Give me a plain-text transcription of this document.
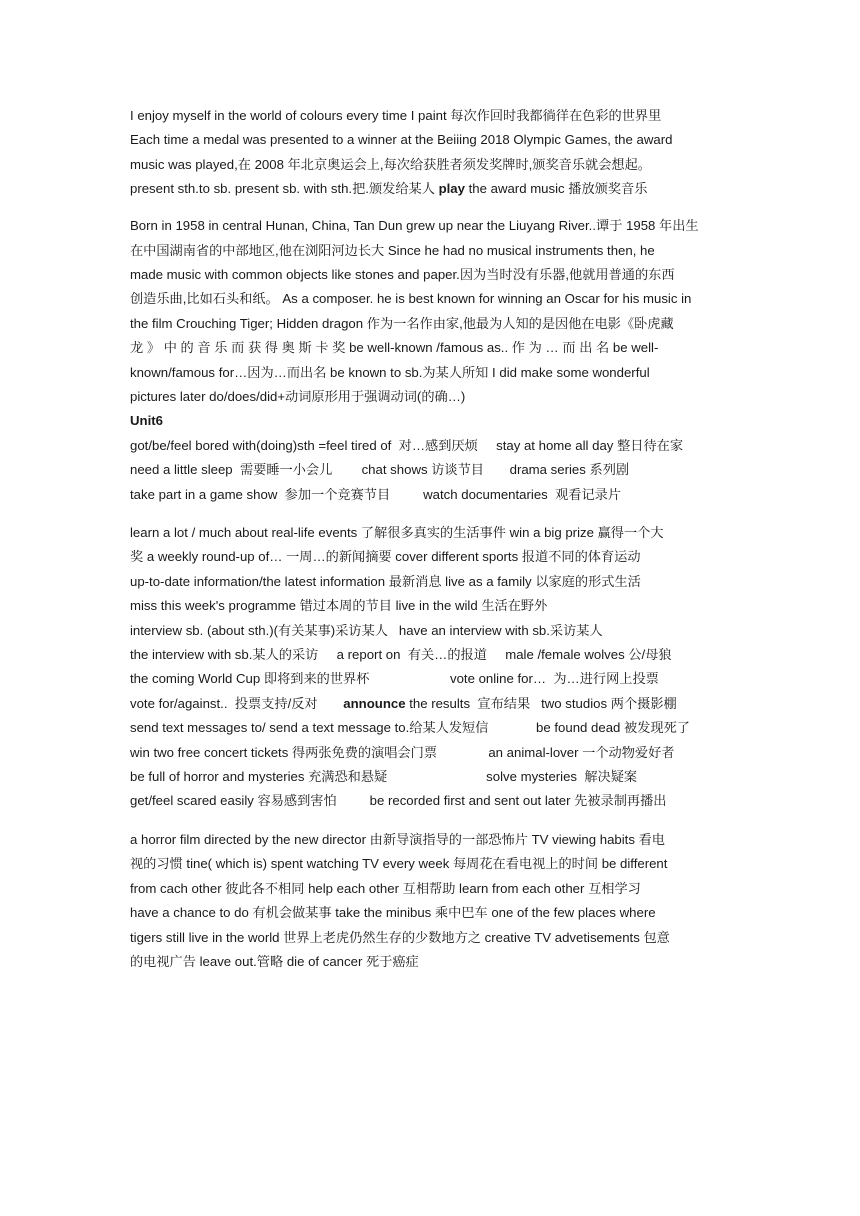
I enjoy myself in the world of colours every time I paint 每次作回时我都徜徉在色彩的世界里
Each time a medal was presented to a winner at the Beiiing 2018 Olympic Games, the award
music was played,在 2008 年北京奥运会上,每次给获胜者须发奖牌时,颁奖音乐就会想起。
present sth.to sb. present sb. with sth.把.颁发给某人 play the award music 播放颁奖音乐
Born in 1958 in central Hunan, China, Tan Dun grew up near the Liuyang River..谭于 1958 年出生
在中国湖南省的中部地区,他在浏阳河边长大 Since he had no musical instruments then, he
made music with common objects like stones and paper.因为当时没有乐器,他就用普通的东西
创造乐曲,比如石头和纸。 As a composer. he is best known for winning an Oscar for his music in
the film Crouching Tiger; Hidden dragon 作为一名作由家,他最为人知的是因他在电影《卧虎藏
龙 》 中 的 音 乐 而 获 得 奥 斯 卡 奖 be well-known /famous as.. 作 为 … 而 出 名 be well-
known/famous for…因为…而出名 be known to sb.为某人所知 I did make some wonderful
pictures later do/does/did+动词原形用于强调动词(的确…)
Unit6
got/be/feel bored with(doing)sth =feel tired of  对…感到厌烦     stay at home all day 整日待在家
need a little sleep  需要睡一小会儿        chat shows 访谈节目       drama series 系列剧
take part in a game show  参加一个竞赛节目         watch documentaries  观看记录片
learn a lot / much about real-life events 了解很多真实的生活事件 win a big prize 赢得一个大
奖 a weekly round-up of… 一周…的新闻摘要 cover different sports 报道不同的体育运动
up-to-date information/the latest information 最新消息 live as a family 以家庭的形式生活
miss this week's programme 错过本周的节目 live in the wild 生活在野外
interview sb. (about sth.)(有关某事)采访某人   have an interview with sb.采访某人
the interview with sb.某人的采访     a report on  有关…的报道     male /female wolves 公/母狼
the coming World Cup 即将到来的世界杯                      vote online for…  为…进行网上投票
vote for/against..  投票支持/反对       announce the results  宣布结果   two studios 两个摄影棚
send text messages to/ send a text message to.给某人发短信             be found dead 被发现死了
win two free concert tickets 得两张免费的演唱会门票              an animal-lover 一个动物爱好者
be full of horror and mysteries 充满恐和悬疑                           solve mysteries  解决疑案
get/feel scared easily 容易感到害怕         be recorded first and sent out later 先被录制再播出
a horror film directed by the new director 由新导演指导的一部恐怖片 TV viewing habits 看电
视的习惯 tine( which is) spent watching TV every week 每周花在看电视上的时间 be different
from cach other 彼此各不相同 help each other 互相帮助 learn from each other 互相学习
have a chance to do 有机会做某事 take the minibus 乘中巴车 one of the few places where
tigers still live in the world 世界上老虎仍然生存的少数地方之 creative TV advetisements 包意
的电视广告 leave out.管略 die of cancer 死于癌症
